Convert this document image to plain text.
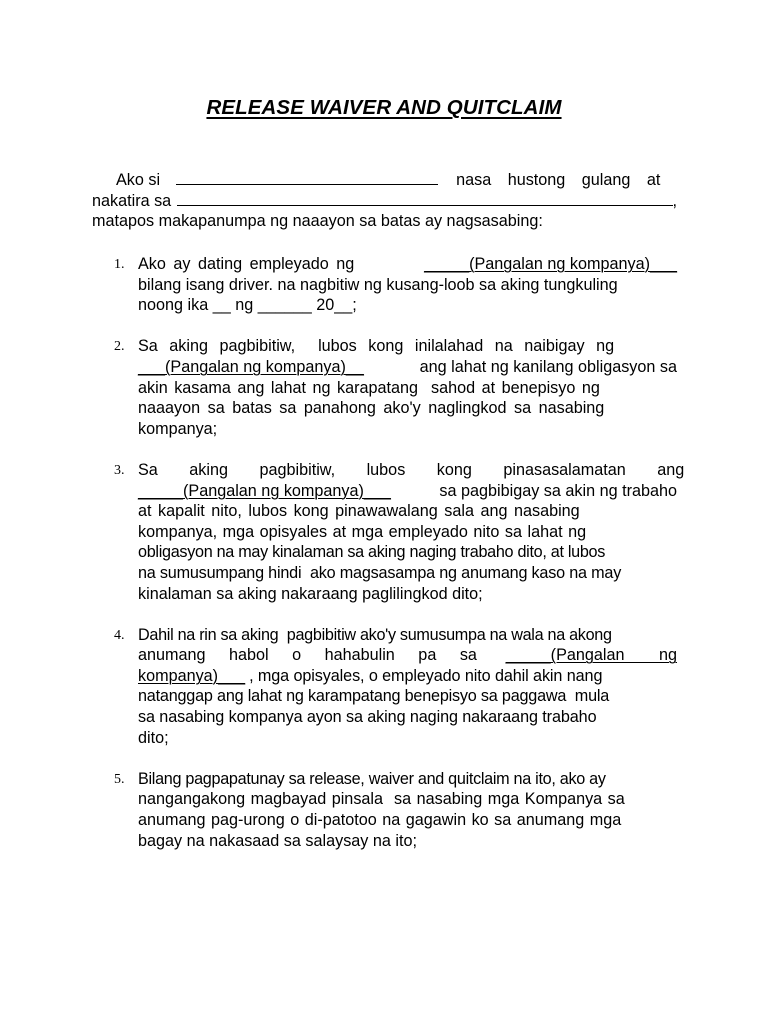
RELEASE WAIVER AND QUITCLAIM
Ako si	nasa hustong gulang at
nakatira sa	,
matapos makapanumpa ng naaayon sa batas ay nagsasabing:
1. Ako ay dating empleyado ng	_____(Pangalan ng kompanya)___
bilang isang driver. na nagbitiw ng kusang-loob sa aking tungkuling
noong ika __ ng ______ 20__;
2. Sa aking pagbibitiw,  lubos kong inilalahad na naibigay ng
___(Pangalan ng kompanya)__	ang lahat ng kanilang obligasyon sa
akin kasama ang lahat ng karapatang  sahod at benepisyo ng
naaayon sa batas sa panahong ako'y naglingkod sa nasabing
kompanya;
3. Sa aking pagbibitiw, lubos kong pinasasalamatan ang
_____(Pangalan ng kompanya)___	sa pagbibigay sa akin ng trabaho
at kapalit nito, lubos kong pinawawalang sala ang nasabing
kompanya, mga opisyales at mga empleyado nito sa lahat ng
obligasyon na may kinalaman sa aking naging trabaho dito, at lubos
na sumusumpang hindi  ako magsasampa ng anumang kaso na may
kinalaman sa aking nakaraang paglilingkod dito;
4. Dahil na rin sa aking  pagbibitiw ako'y sumusumpa na wala na akong
anumang habol o hahabulin pa sa _____(Pangalan ng
kompanya)___ , mga opisyales, o empleyado nito dahil akin nang
natanggap ang lahat ng karampatang benepisyo sa paggawa  mula
sa nasabing kompanya ayon sa aking naging nakaraang trabaho
dito;
5. Bilang pagpapatunay sa release, waiver and quitclaim na ito, ako ay
nangangakong magbayad pinsala  sa nasabing mga Kompanya sa
anumang pag-urong o di-patotoo na gagawin ko sa anumang mga
bagay na nakasaad sa salaysay na ito;
